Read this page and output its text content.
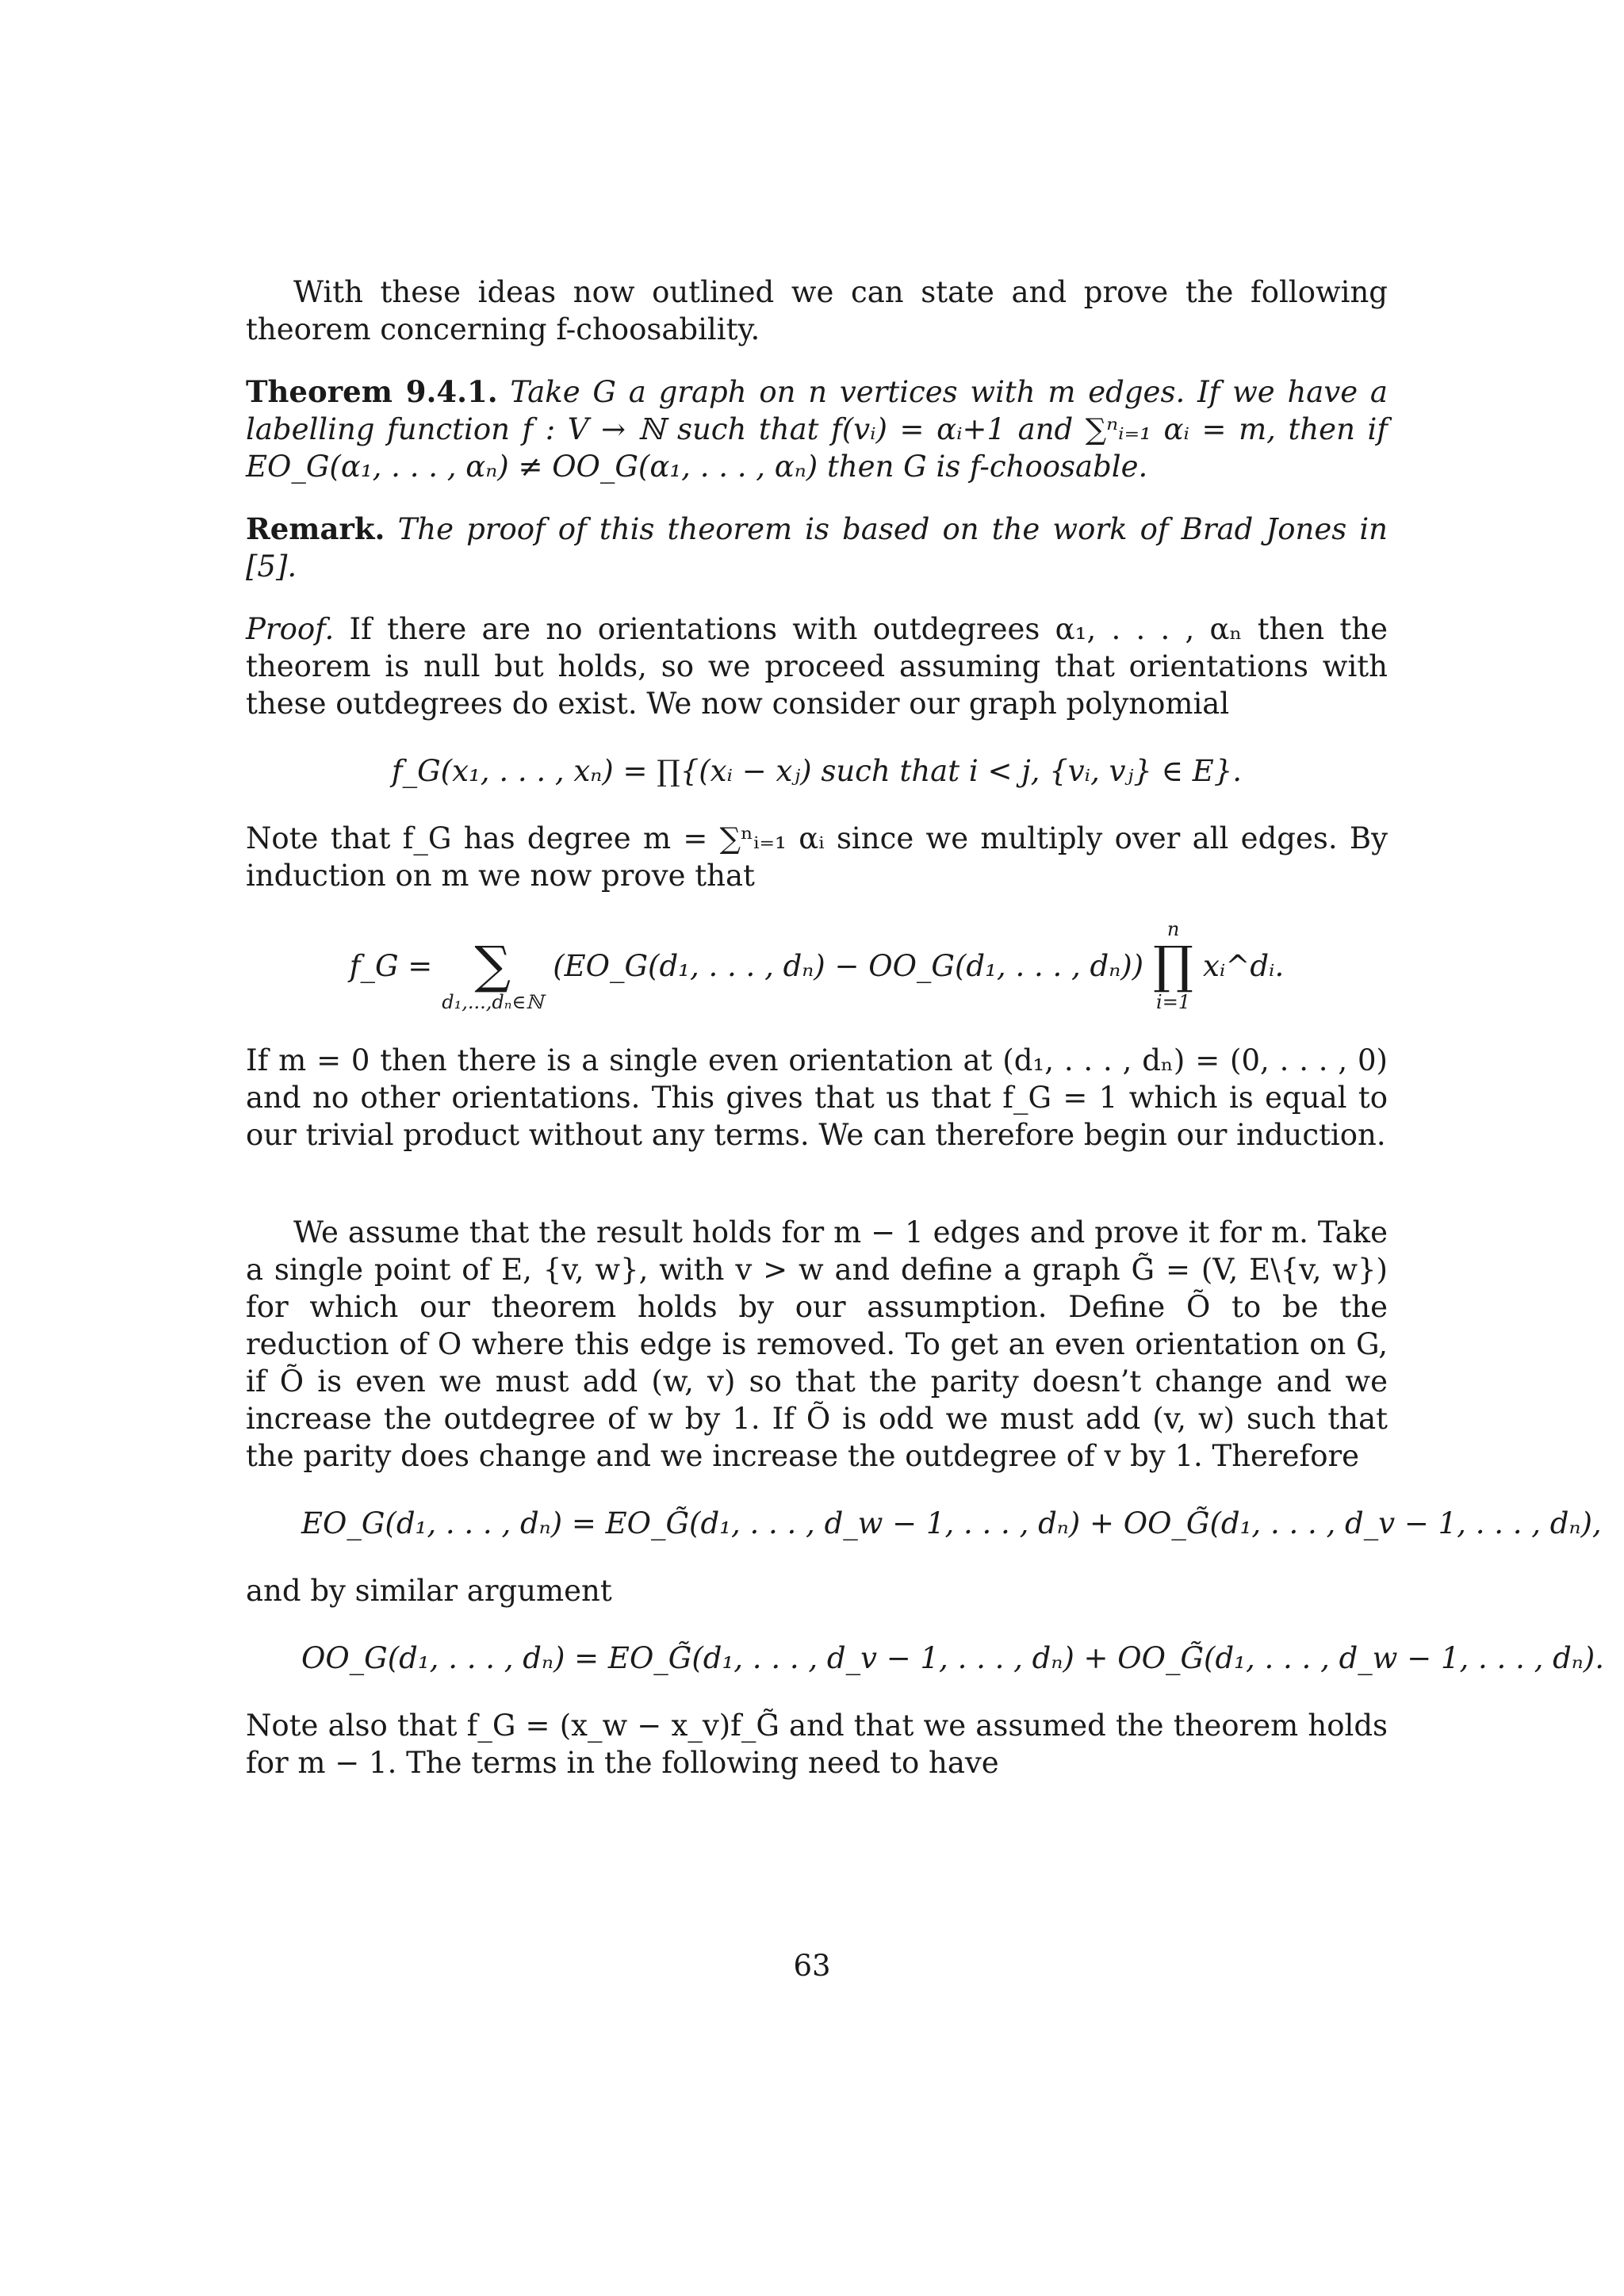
With these ideas now outlined we can state and prove the following theorem concerning f-choosability.

Theorem 9.4.1. Take G a graph on n vertices with m edges. If we have a labelling function f : V → ℕ such that f(vᵢ) = αᵢ+1 and ∑ⁿᵢ₌₁ αᵢ = m, then if EO_G(α₁, . . . , αₙ) ≠ OO_G(α₁, . . . , αₙ) then G is f-choosable.

Remark. The proof of this theorem is based on the work of Brad Jones in [5].

Proof. If there are no orientations with outdegrees α₁, . . . , αₙ then the theorem is null but holds, so we proceed assuming that orientations with these outdegrees do exist. We now consider our graph polynomial

f_G(x₁, . . . , xₙ) = ∏{(xᵢ − xⱼ) such that i < j, {vᵢ, vⱼ} ∈ E}.

Note that f_G has degree m = ∑ⁿᵢ₌₁ αᵢ since we multiply over all edges. By induction on m we now prove that

f_G = ∑
d₁,...,dₙ∈ℕ
(EO_G(d₁, . . . , dₙ) − OO_G(d₁, . . . , dₙ))
n
∏
i=1
xᵢ^dᵢ.

If m = 0 then there is a single even orientation at (d₁, . . . , dₙ) = (0, . . . , 0) and no other orientations. This gives that us that f_G = 1 which is equal to our trivial product without any terms. We can therefore begin our induction.

We assume that the result holds for m − 1 edges and prove it for m. Take a single point of E, {v, w}, with v > w and define a graph G̃ = (V, E\{v, w}) for which our theorem holds by our assumption. Define Õ to be the reduction of O where this edge is removed. To get an even orientation on G, if Õ is even we must add (w, v) so that the parity doesn’t change and we increase the outdegree of w by 1. If Õ is odd we must add (v, w) such that the parity does change and we increase the outdegree of v by 1. Therefore

EO_G(d₁, . . . , dₙ) = EO_G̃(d₁, . . . , d_w − 1, . . . , dₙ) + OO_G̃(d₁, . . . , d_v − 1, . . . , dₙ),

and by similar argument

OO_G(d₁, . . . , dₙ) = EO_G̃(d₁, . . . , d_v − 1, . . . , dₙ) + OO_G̃(d₁, . . . , d_w − 1, . . . , dₙ).

Note also that f_G = (x_w − x_v)f_G̃ and that we assumed the theorem holds for m − 1. The terms in the following need to have

63
